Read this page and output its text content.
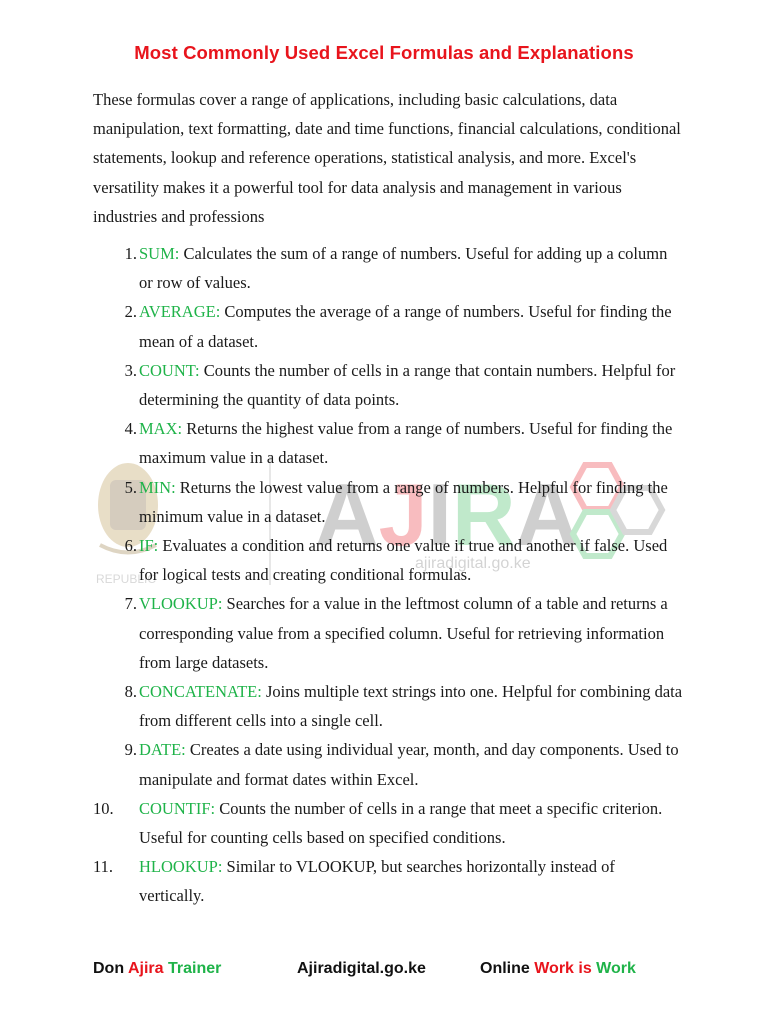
REPUBLIC
AJIRA
ajiradigital.go.ke
Most Commonly Used Excel Formulas and Explanations

These formulas cover a range of applications, including basic calculations, data manipulation, text formatting, date and time functions, financial calculations, conditional statements, lookup and reference operations, statistical analysis, and more. Excel's versatility makes it a powerful tool for data analysis and management in various industries and professions

1. SUM: Calculates the sum of a range of numbers. Useful for adding up a column or row of values.
2. AVERAGE: Computes the average of a range of numbers. Useful for finding the mean of a dataset.
3. COUNT: Counts the number of cells in a range that contain numbers. Helpful for determining the quantity of data points.
4. MAX: Returns the highest value from a range of numbers. Useful for finding the maximum value in a dataset.
5. MIN: Returns the lowest value from a range of numbers. Helpful for finding the minimum value in a dataset.
6. IF: Evaluates a condition and returns one value if true and another if false. Used for logical tests and creating conditional formulas.
7. VLOOKUP: Searches for a value in the leftmost column of a table and returns a corresponding value from a specified column. Useful for retrieving information from large datasets.
8. CONCATENATE: Joins multiple text strings into one. Helpful for combining data from different cells into a single cell.
9. DATE: Creates a date using individual year, month, and day components. Used to manipulate and format dates within Excel.
10.	COUNTIF: Counts the number of cells in a range that meet a specific criterion. Useful for counting cells based on specified conditions.
11.	HLOOKUP: Similar to VLOOKUP, but searches horizontally instead of vertically.
Don Ajira Trainer	Ajiradigital.go.ke	Online Work is Work
